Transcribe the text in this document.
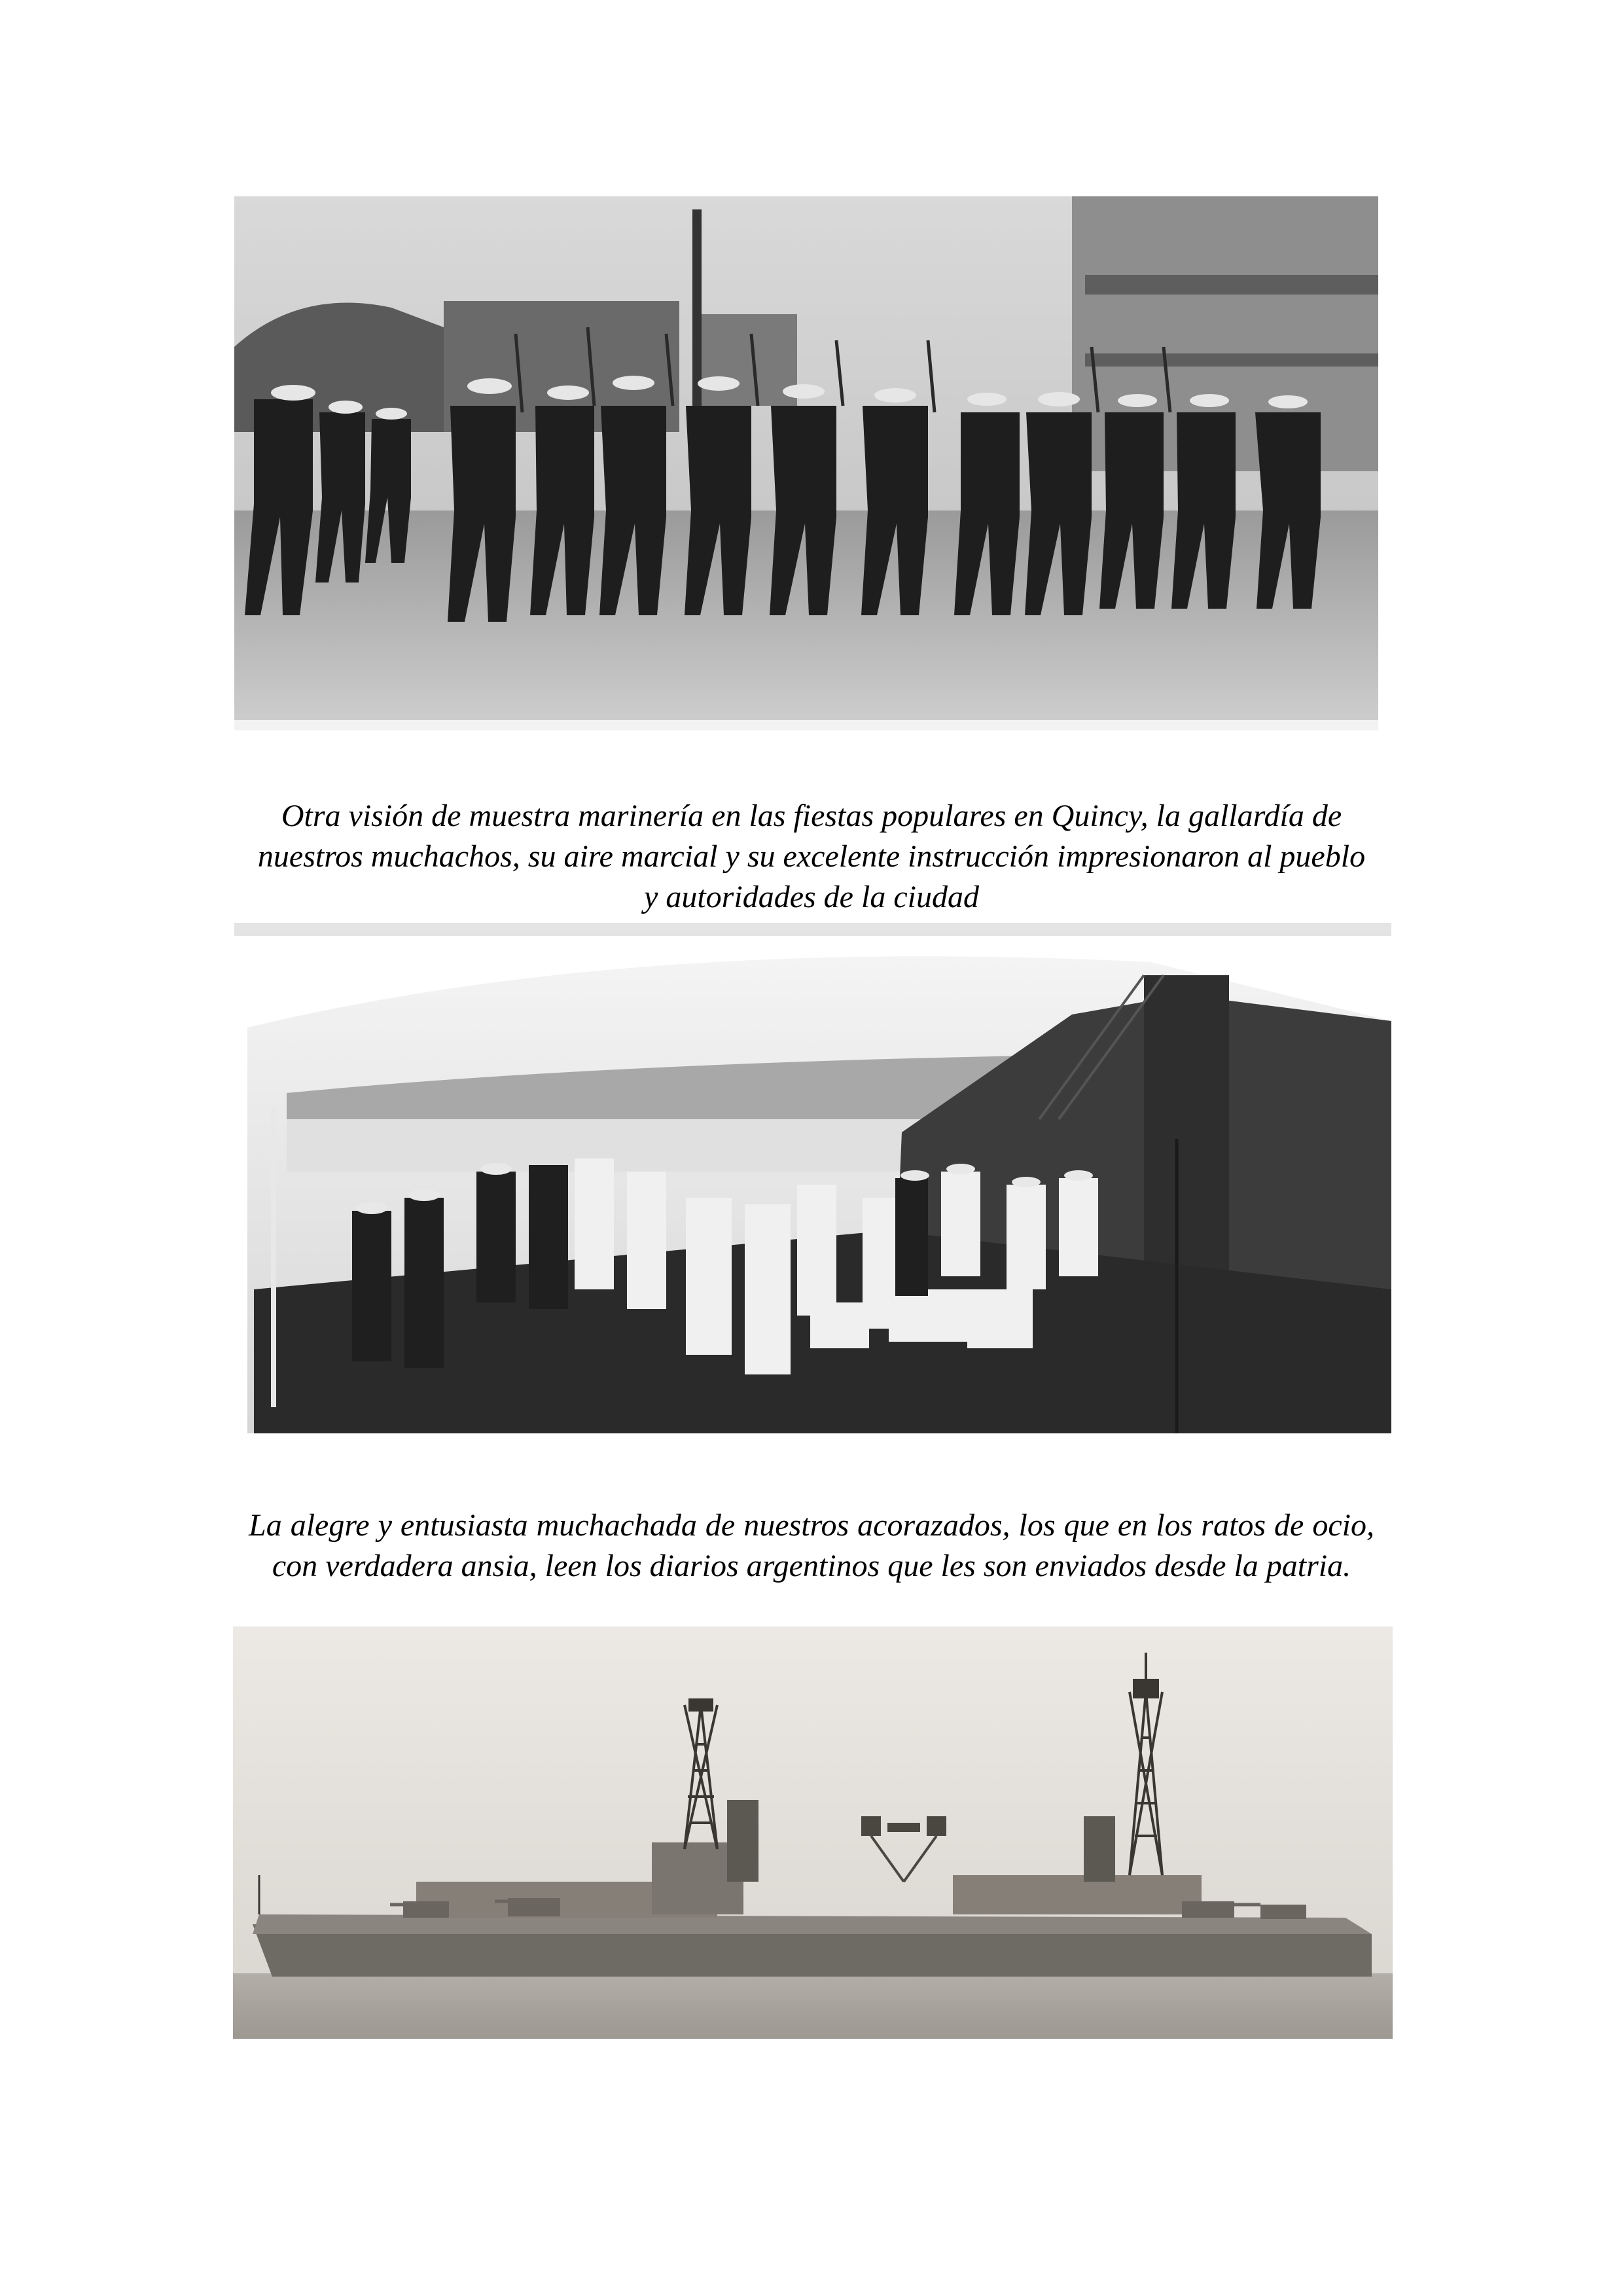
Otra visión de muestra marinería en las fiestas populares en Quincy, la gallardía de nuestros muchachos, su aire marcial y su excelente instrucción impresionaron al pueblo y autoridades de la ciudad

La alegre y entusiasta muchachada de nuestros acorazados, los que en los ratos de ocio, con verdadera ansia, leen los diarios argentinos que les son enviados desde la patria.
